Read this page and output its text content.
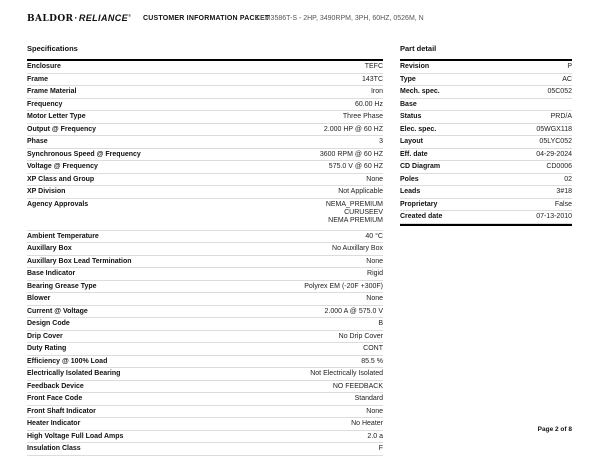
BALDOR·RELIANCE® CUSTOMER INFORMATION PACKET
CEM3586T-S - 2HP, 3490RPM, 3PH, 60HZ, 0526M, N
Specifications
Enclosure	TEFC
Frame	143TC
Frame Material	Iron
Frequency	60.00 Hz
Motor Letter Type	Three Phase
Output @ Frequency	2.000 HP @ 60 HZ
Phase	3
Synchronous Speed @ Frequency	3600 RPM @ 60 HZ
Voltage @ Frequency	575.0 V @ 60 HZ
XP Class and Group	None
XP Division	Not Applicable
Agency Approvals	NEMA_PREMIUM
CURUSEEV
NEMA PREMIUM
Ambient Temperature	40 °C
Auxillary Box	No Auxillary Box
Auxillary Box Lead Termination	None
Base Indicator	Rigid
Bearing Grease Type	Polyrex EM (-20F +300F)
Blower	None
Current @ Voltage	2.000 A @ 575.0 V
Design Code	B
Drip Cover	No Drip Cover
Duty Rating	CONT
Efficiency @ 100% Load	85.5 %
Electrically Isolated Bearing	Not Electrically Isolated
Feedback Device	NO FEEDBACK
Front Face Code	Standard
Front Shaft Indicator	None
Heater Indicator	No Heater
High Voltage Full Load Amps	2.0 a
Insulation Class	F
Part detail
Revision	P
Type	AC
Mech. spec.	05C052
Base
Status	PRD/A
Elec. spec.	05WGX118
Layout	05LYC052
Eff. date	04-29-2024
CD Diagram	CD0006
Poles	02
Leads	3#18
Proprietary	False
Created date	07-13-2010
Page 2 of 8
